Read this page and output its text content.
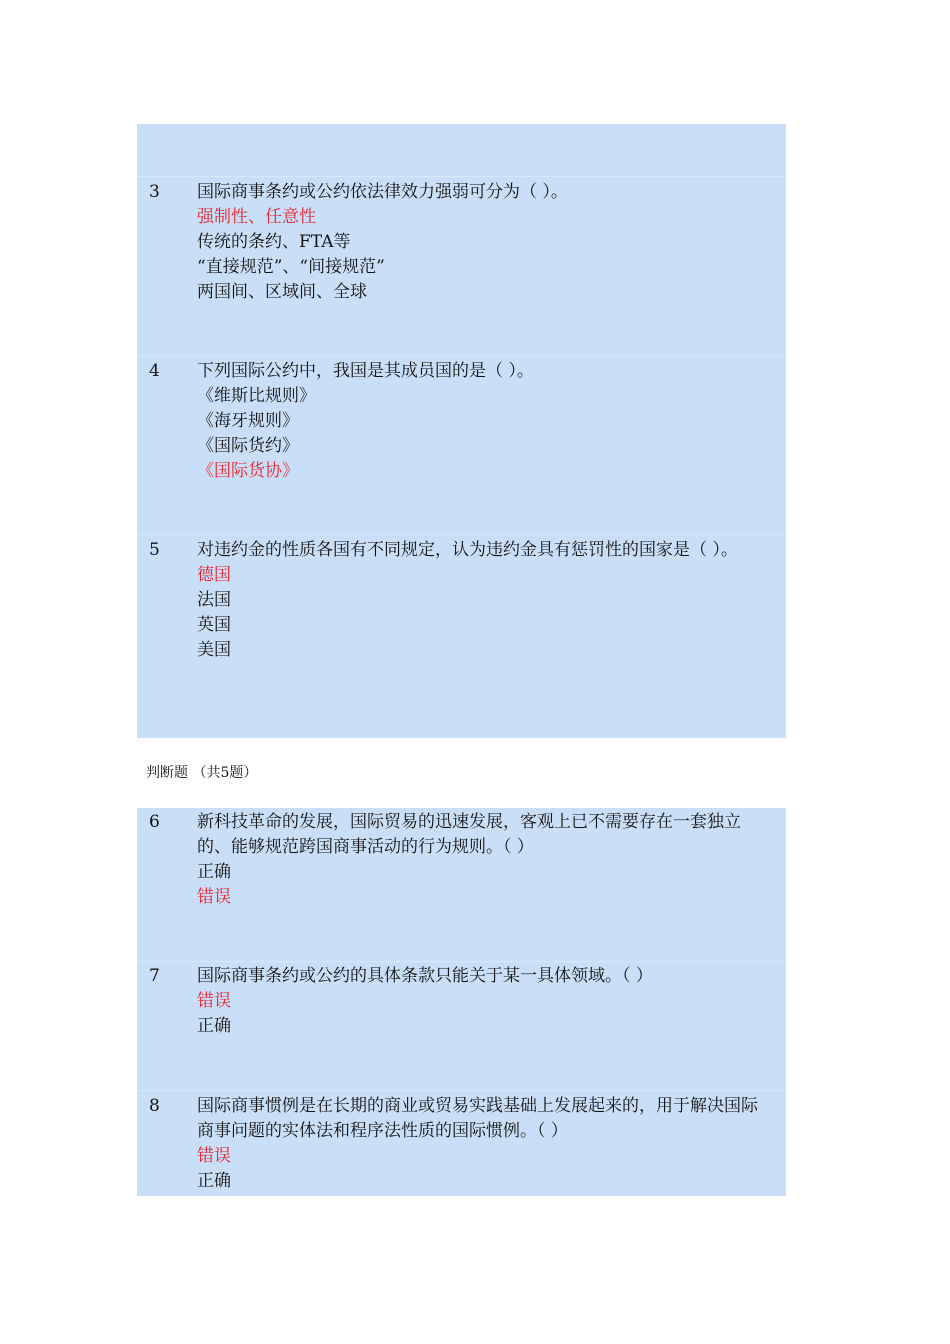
3 国际商事条约或公约依法律效力强弱可分为（ ）。

强制性、任意性
传统的条约、FTA等
“直接规范”、“间接规范”
两国间、区域间、全球
4 下列国际公约中，我国是其成员国的是（ ）。

《维斯比规则》
《海牙规则》
《国际货约》
《国际货协》
5 对违约金的性质各国有不同规定，认为违约金具有惩罚性的国家是（ ）。

德国
法国
英国
美国
判断题 （共5题）
6 新科技革命的发展，国际贸易的迅速发展，客观上已不需要存在一套独立的、能够规范跨国商事活动的行为规则。（ ）

正确
错误
7 国际商事条约或公约的具体条款只能关于某一具体领域。（ ）

错误
正确
8 国际商事惯例是在长期的商业或贸易实践基础上发展起来的，用于解决国际商事问题的实体法和程序法性质的国际惯例。（ ）

错误
正确
